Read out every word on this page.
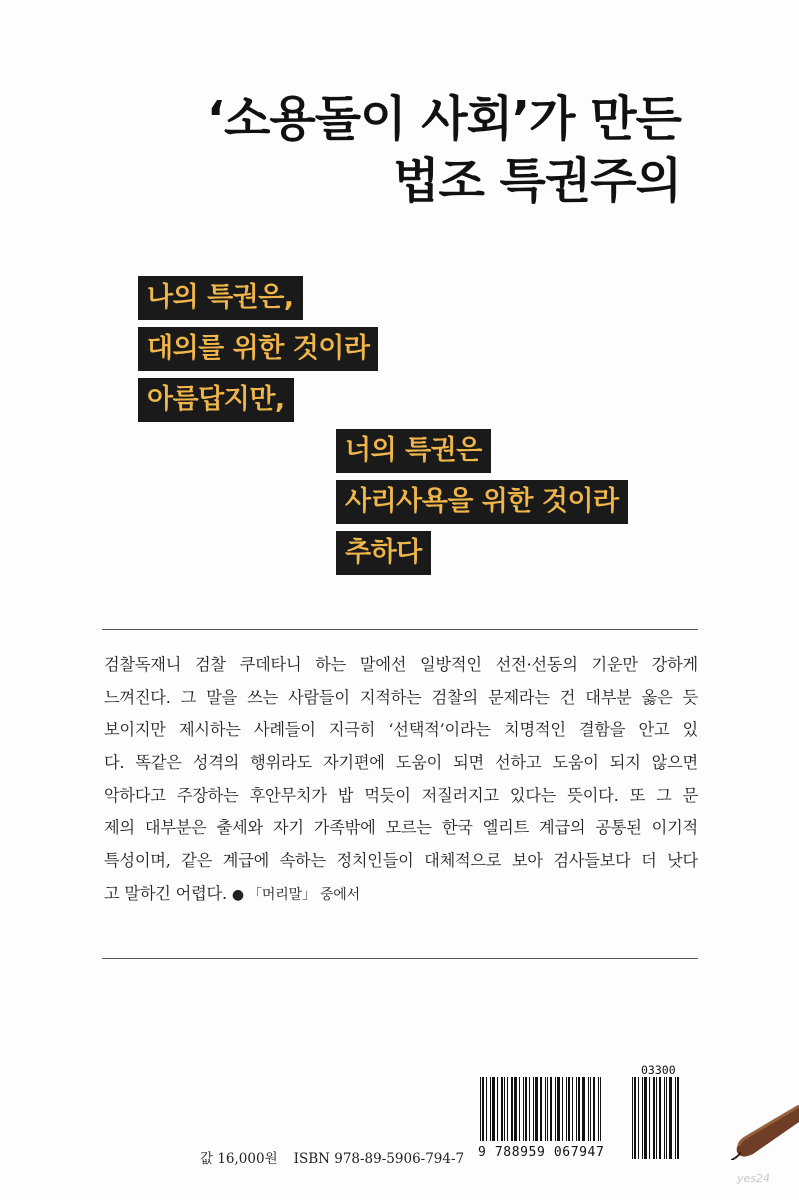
‘소용돌이 사회’가 만든
법조 특권주의
나의 특권은,
대의를 위한 것이라
아름답지만,
너의 특권은
사리사욕을 위한 것이라
추하다
검찰독재니 검찰 쿠데타니 하는 말에선 일방적인 선전·선동의 기운만 강하게
느껴진다. 그 말을 쓰는 사람들이 지적하는 검찰의 문제라는 건 대부분 옳은 듯
보이지만 제시하는 사례들이 지극히 ‘선택적’이라는 치명적인 결함을 안고 있
다. 똑같은 성격의 행위라도 자기편에 도움이 되면 선하고 도움이 되지 않으면
악하다고 주장하는 후안무치가 밥 먹듯이 저질러지고 있다는 뜻이다. 또 그 문
제의 대부분은 출세와 자기 가족밖에 모르는 한국 엘리트 계급의 공통된 이기적
특성이며, 같은 계급에 속하는 정치인들이 대체적으로 보아 검사들보다 더 낫다
고 말하긴 어렵다. ● 「머리말」 중에서
값 16,000원 ISBN 978-89-5906-794-7	9 788959 067947
03300
yes24
